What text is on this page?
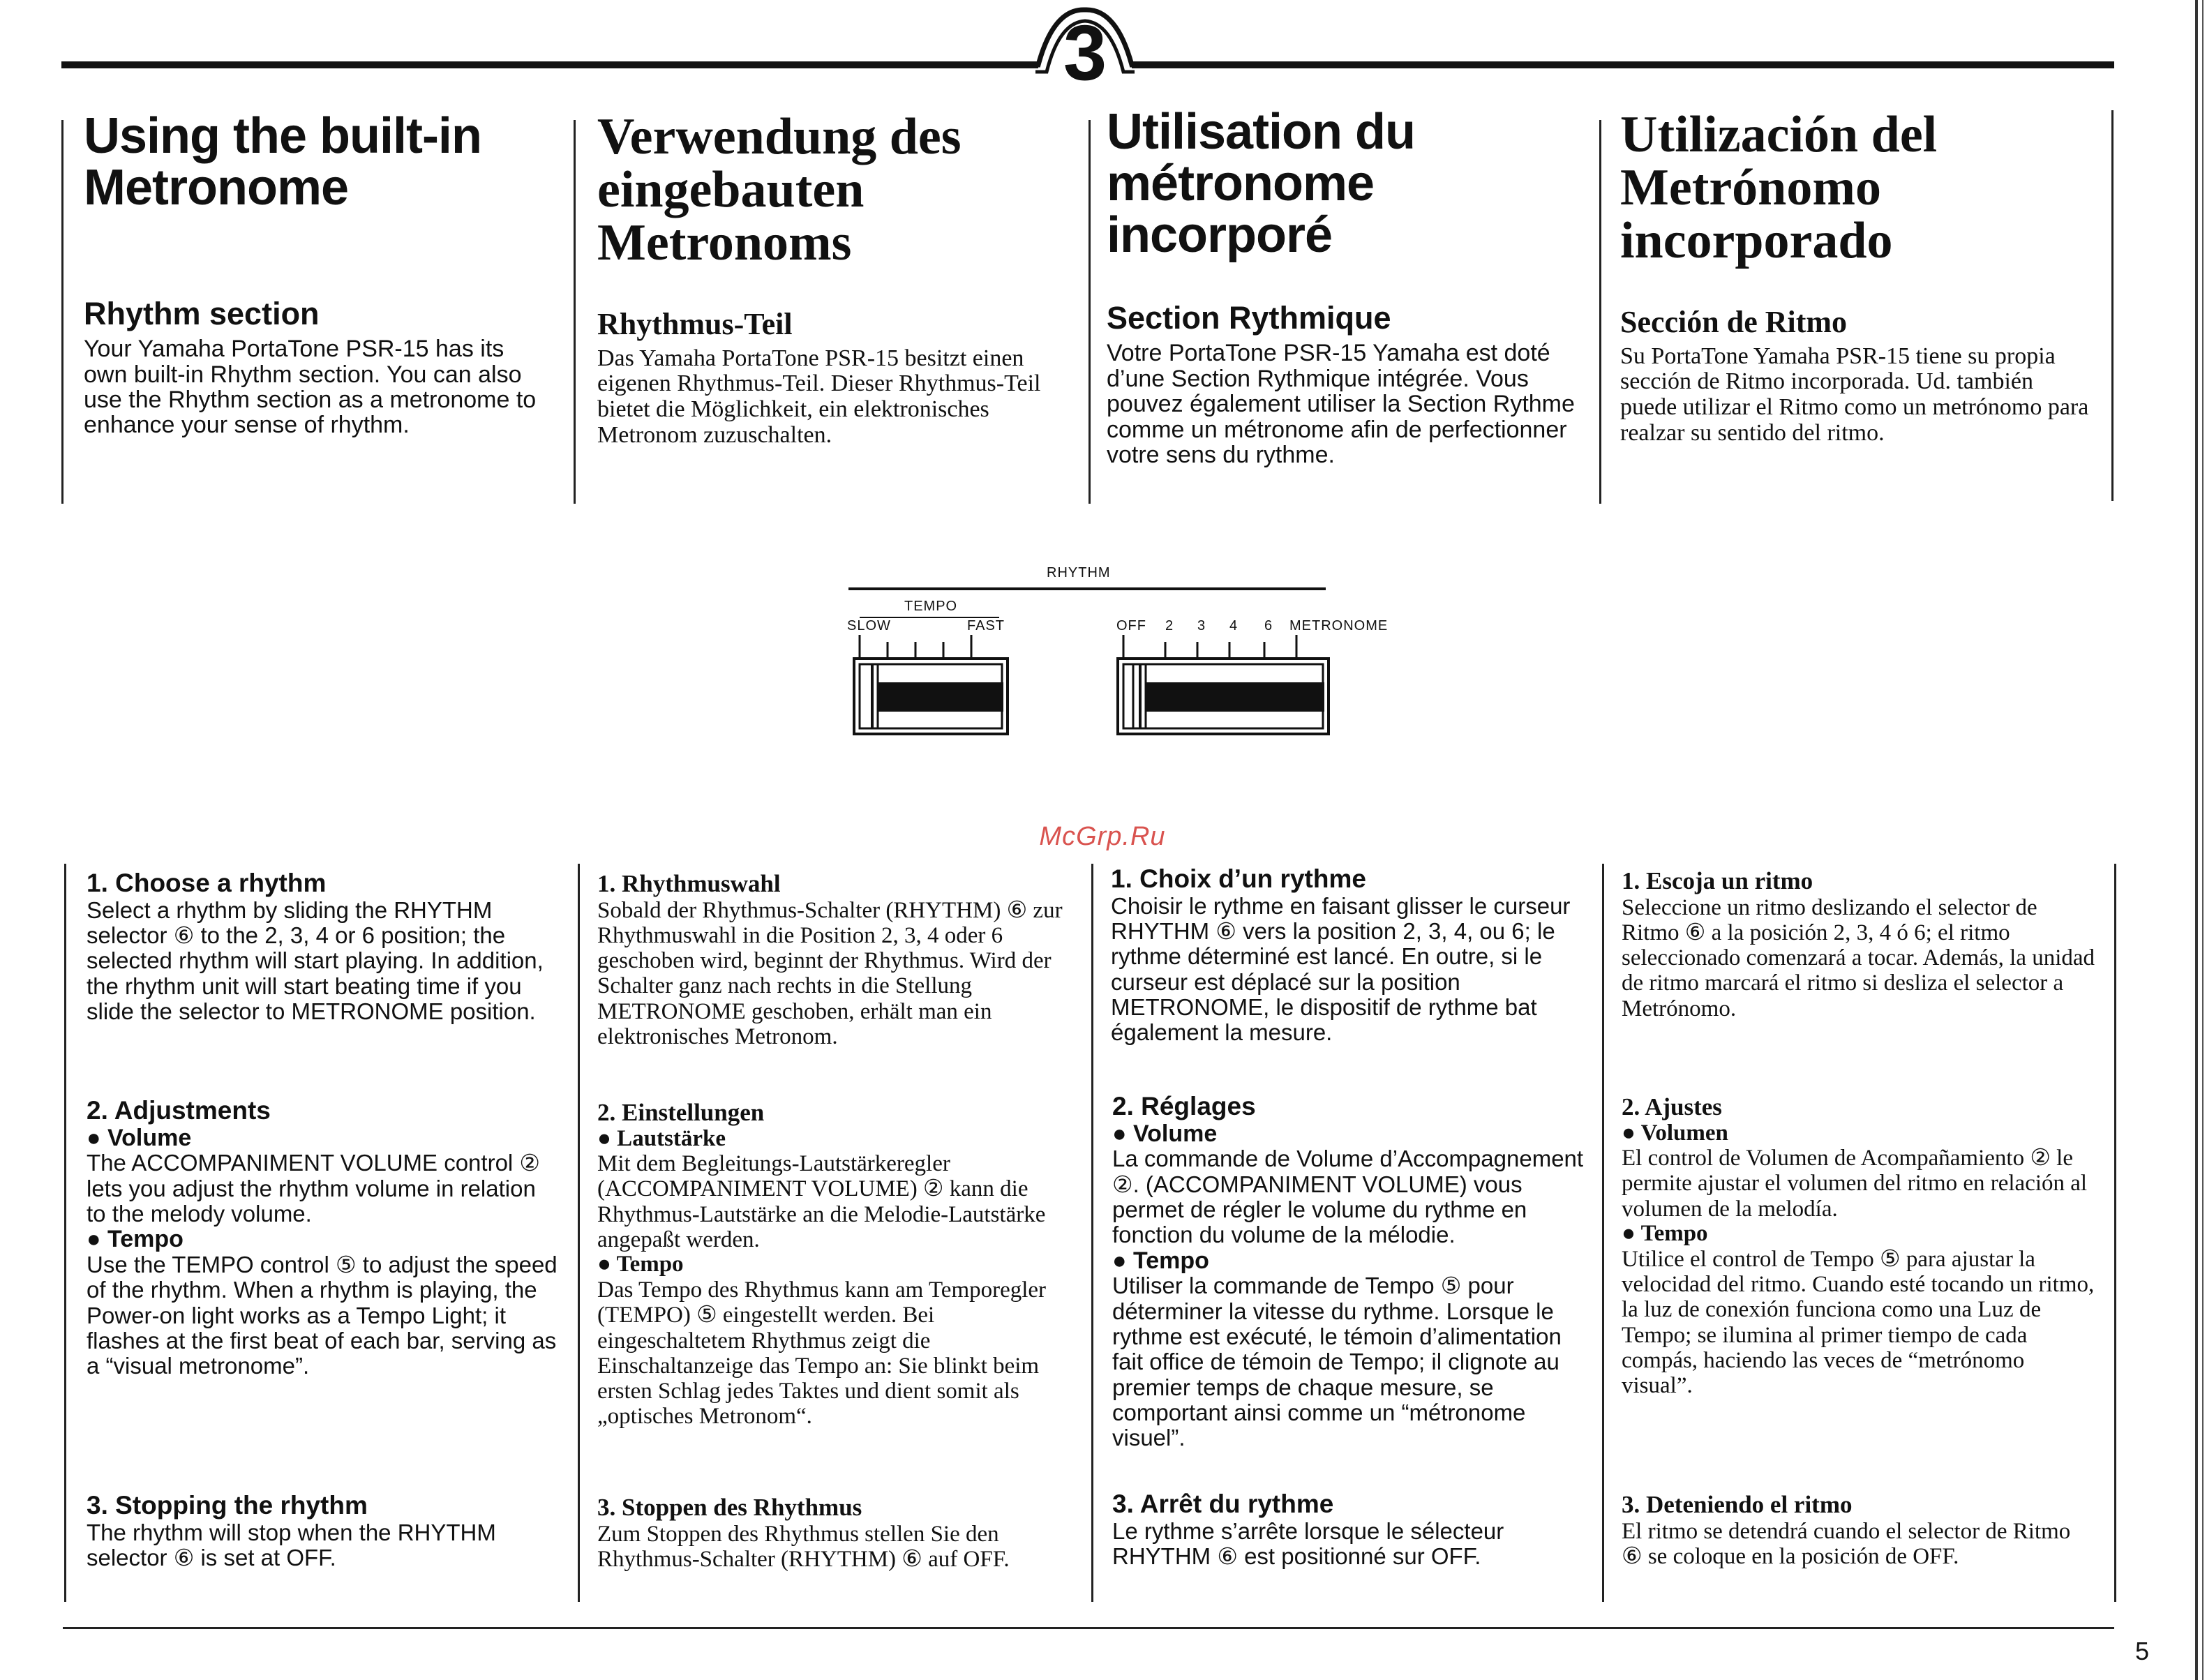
3
Using the built-in
Metronome
Rhythm section

Your Yamaha PortaTone PSR-15 has its own built-in Rhythm section. You can also use the Rhythm section as a metronome to enhance your sense of rhythm.

Verwendung des
eingebauten
Metronoms
Rhythmus-Teil

Das Yamaha PortaTone PSR-15 besitzt einen eigenen Rhythmus-Teil. Dieser Rhythmus-Teil bietet die Möglichkeit, ein elektronisches Metronom zuzuschalten.

Utilisation du
métronome
incorporé
Section Rythmique

Votre PortaTone PSR-15 Yamaha est doté d’une Section Rythmique intégrée. Vous pouvez également utiliser la Section Rythme comme un métronome afin de perfectionner votre sens du rythme.

Utilización del
Metrónomo
incorporado
Sección de Ritmo

Su PortaTone Yamaha PSR-15 tiene su propia sección de Ritmo incorporada. Ud. también puede utilizar el Ritmo como un metrónomo para realzar su sentido del ritmo.

RHYTHM
TEMPO
SLOW	FAST	OFF 2 3 4 6 METRONOME
McGrp.Ru
1. Choose a rhythm

Select a rhythm by sliding the RHYTHM selector ⑥ to the 2, 3, 4 or 6 position; the selected rhythm will start playing. In addition, the rhythm unit will start beating time if you slide the selector to METRONOME position.

1. Rhythmuswahl

Sobald der Rhythmus-Schalter (RHYTHM) ⑥ zur Rhythmuswahl in die Position 2, 3, 4 oder 6 geschoben wird, beginnt der Rhythmus. Wird der Schalter ganz nach rechts in die Stellung METRONOME geschoben, erhält man ein elektronisches Metronom.

1. Choix d’un rythme

Choisir le rythme en faisant glisser le curseur RHYTHM ⑥ vers la position 2, 3, 4, ou 6; le rythme déterminé est lancé. En outre, si le curseur est déplacé sur la position METRONOME, le dispositif de rythme bat également la mesure.

1. Escoja un ritmo

Seleccione un ritmo deslizando el selector de Ritmo ⑥ a la posición 2, 3, 4 ó 6; el ritmo seleccionado comenzará a tocar. Además, la unidad de ritmo marcará el ritmo si desliza el selector a Metrónomo.

2. Adjustments
● Volume

The ACCOMPANIMENT VOLUME control ② lets you adjust the rhythm volume in relation to the melody volume.

● Tempo

Use the TEMPO control ⑤ to adjust the speed of the rhythm. When a rhythm is playing, the Power-on light works as a Tempo Light; it flashes at the first beat of each bar, serving as a “visual metronome”.

2. Einstellungen
● Lautstärke

Mit dem Begleitungs-Lautstärkeregler (ACCOMPANIMENT VOLUME) ② kann die Rhythmus-Lautstärke an die Melodie-Lautstärke angepaßt werden.

● Tempo

Das Tempo des Rhythmus kann am Temporegler (TEMPO) ⑤ eingestellt werden. Bei eingeschaltetem Rhythmus zeigt die Einschaltanzeige das Tempo an: Sie blinkt beim ersten Schlag jedes Taktes und dient somit als „optisches Metronom“.

2. Réglages
● Volume

La commande de Volume d’Accompagnement ②. (ACCOMPANIMENT VOLUME) vous permet de régler le volume du rythme en fonction du volume de la mélodie.

● Tempo

Utiliser la commande de Tempo ⑤ pour déterminer la vitesse du rythme. Lorsque le rythme est exécuté, le témoin d’alimentation fait office de témoin de Tempo; il clignote au premier temps de chaque mesure, se comportant ainsi comme un “métronome visuel”.

2. Ajustes
● Volumen

El control de Volumen de Acompañamiento ② le permite ajustar el volumen del ritmo en relación al volumen de la melodía.

● Tempo

Utilice el control de Tempo ⑤ para ajustar la velocidad del ritmo. Cuando esté tocando un ritmo, la luz de conexión funciona como una Luz de Tempo; se ilumina al primer tiempo de cada compás, haciendo las veces de “metrónomo visual”.

3. Stopping the rhythm

The rhythm will stop when the RHYTHM selector ⑥ is set at OFF.

3. Stoppen des Rhythmus

Zum Stoppen des Rhythmus stellen Sie den Rhythmus-Schalter (RHYTHM) ⑥ auf OFF.

3. Arrêt du rythme

Le rythme s’arrête lorsque le sélecteur RHYTHM ⑥ est positionné sur OFF.

3. Deteniendo el ritmo

El ritmo se detendrá cuando el selector de Ritmo ⑥ se coloque en la posición de OFF.

5
